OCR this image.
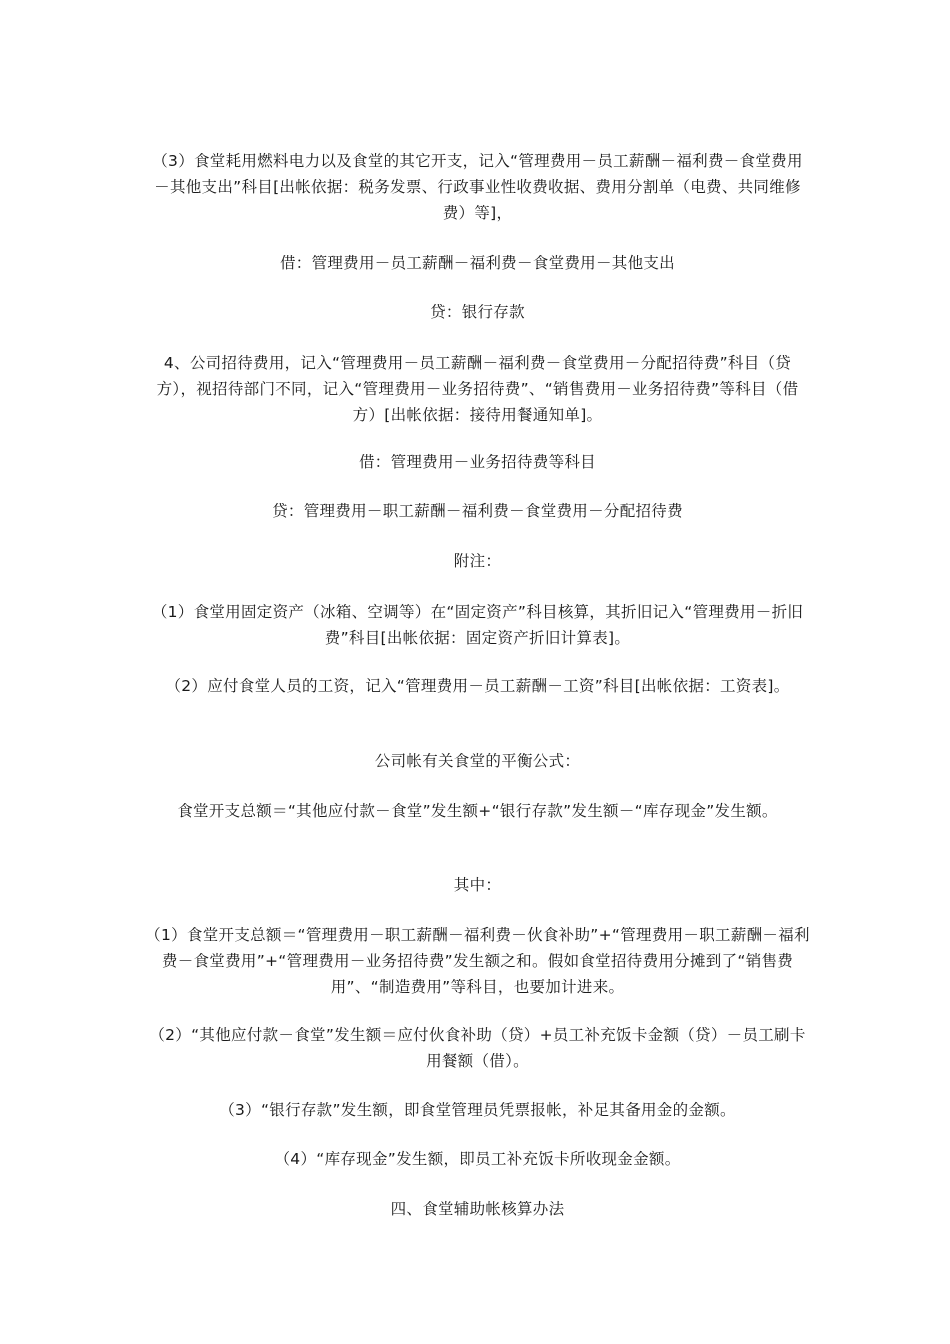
（3）食堂耗用燃料电力以及食堂的其它开支，记入“管理费用－员工薪酬－福利费－食堂费用－其他支出”科目[出帐依据：税务发票、行政事业性收费收据、费用分割单（电费、共同维修费）等]，
借：管理费用－员工薪酬－福利费－食堂费用－其他支出
贷：银行存款
4、公司招待费用，记入“管理费用－员工薪酬－福利费－食堂费用－分配招待费”科目（贷方），视招待部门不同，记入“管理费用－业务招待费”、“销售费用－业务招待费”等科目（借方）[出帐依据：接待用餐通知单]。
借：管理费用－业务招待费等科目
贷：管理费用－职工薪酬－福利费－食堂费用－分配招待费
附注：
（1）食堂用固定资产（冰箱、空调等）在“固定资产”科目核算，其折旧记入“管理费用－折旧费”科目[出帐依据：固定资产折旧计算表]。
（2）应付食堂人员的工资，记入“管理费用－员工薪酬－工资”科目[出帐依据：工资表]。
公司帐有关食堂的平衡公式：
食堂开支总额＝“其他应付款－食堂”发生额+“银行存款”发生额－“库存现金”发生额。
其中：
（1）食堂开支总额＝“管理费用－职工薪酬－福利费－伙食补助”+“管理费用－职工薪酬－福利费－食堂费用”+“管理费用－业务招待费”发生额之和。假如食堂招待费用分摊到了“销售费用”、“制造费用”等科目，也要加计进来。
（2）“其他应付款－食堂”发生额＝应付伙食补助（贷）+员工补充饭卡金额（贷）－员工刷卡用餐额（借）。
（3）“银行存款”发生额，即食堂管理员凭票报帐，补足其备用金的金额。
（4）“库存现金”发生额，即员工补充饭卡所收现金金额。
四、食堂辅助帐核算办法
